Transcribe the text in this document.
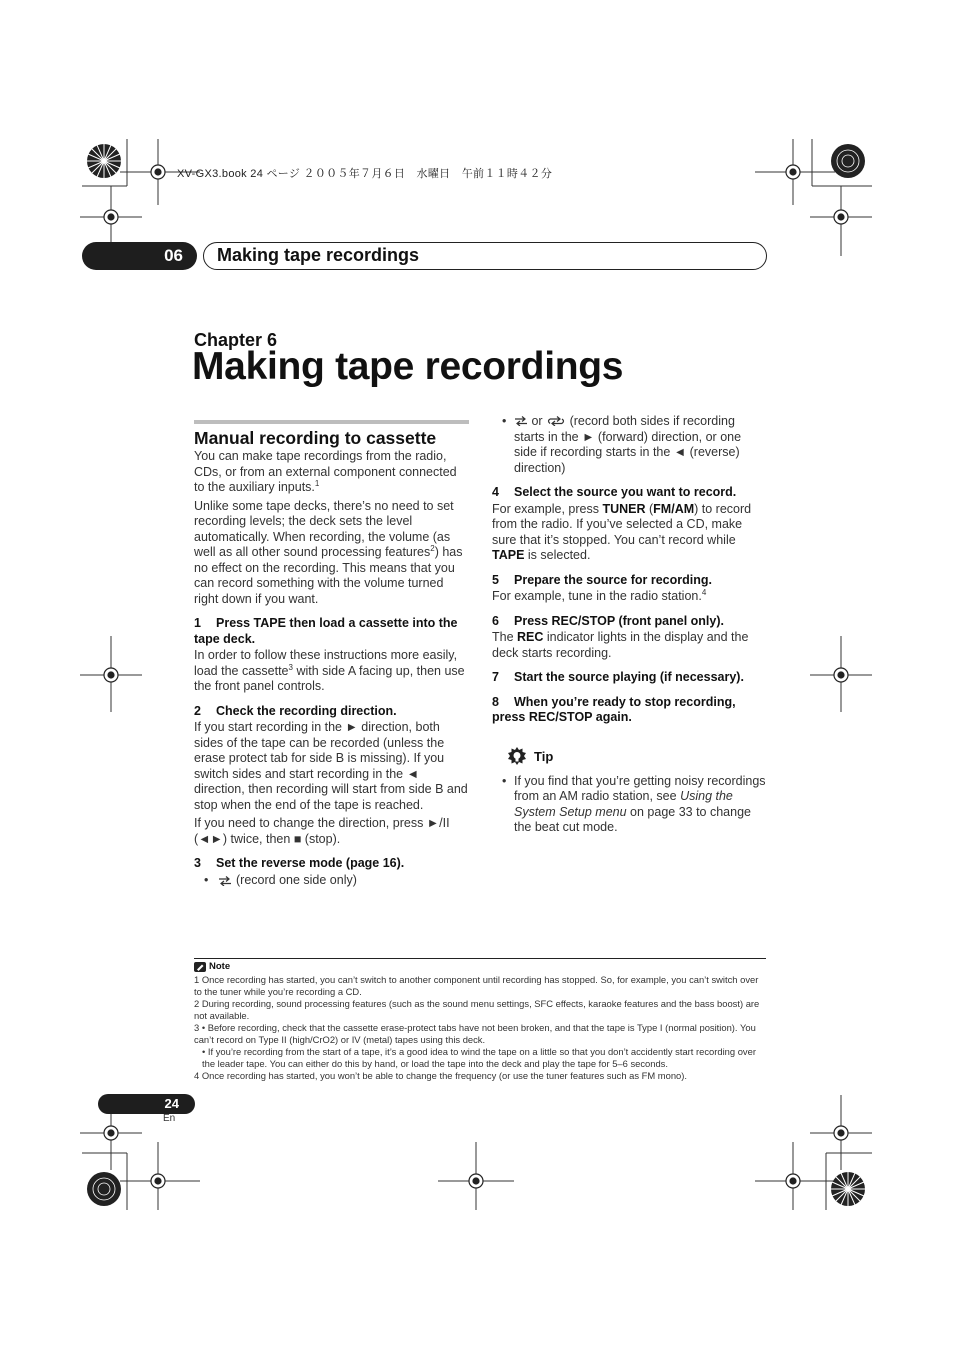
XV-GX3.book 24 ページ ２００５年７月６日　水曜日　午前１１時４２分
06 Making tape recordings
Chapter 6
Making tape recordings
Manual recording to cassette

You can make tape recordings from the radio, CDs, or from an external component connected to the auxiliary inputs.$^1$

Unlike some tape decks, there’s no need to set recording levels; the deck sets the level automatically. When recording, the volume (as well as all other sound processing features$^2$) has no effect on the recording. This means that you can record something with the volume turned right down if you want.

1 Press TAPE then load a cassette into the tape deck.

In order to follow these instructions more easily, load the cassette$^3$ with side A facing up, then use the front panel controls.

2 Check the recording direction.

If you start recording in the ► direction, both sides of the tape can be recorded (unless the erase protect tab for side B is missing). If you switch sides and start recording in the ◄ direction, then recording will start from side B and stop when the end of the tape is reached.

If you need to change the direction, press ►/II (◄►) twice, then ■ (stop).

3 Set the reverse mode (page 16).

• (record one side only)

• or (record both sides if recording starts in the ► (forward) direction, or one side if recording starts in the ◄ (reverse) direction)

4 Select the source you want to record.

For example, press TUNER (FM/AM) to record from the radio. If you’ve selected a CD, make sure that it’s stopped. You can’t record while TAPE is selected.

5 Prepare the source for recording.

For example, tune in the radio station.$^4$

6 Press REC/STOP (front panel only).

The REC indicator lights in the display and the deck starts recording.

7 Start the source playing (if necessary).

8 When you’re ready to stop recording, press REC/STOP again.

Tip

• If you find that you’re getting noisy recordings from an AM radio station, see Using the System Setup menu on page 33 to change the beat cut mode.

Note

1 Once recording has started, you can’t switch to another component until recording has stopped. So, for example, you can’t switch over to the tuner while you’re recording a CD.

2 During recording, sound processing features (such as the sound menu settings, SFC effects, karaoke features and the bass boost) are not available.

3 • Before recording, check that the cassette erase-protect tabs have not been broken, and that the tape is Type I (normal position). You can’t record on Type II (high/CrO2) or IV (metal) tapes using this deck.

• If you’re recording from the start of a tape, it’s a good idea to wind the tape on a little so that you don’t accidently start recording over the leader tape. You can either do this by hand, or load the tape into the deck and play the tape for 5–6 seconds.

4 Once recording has started, you won’t be able to change the frequency (or use the tuner features such as FM mono).

24
En
